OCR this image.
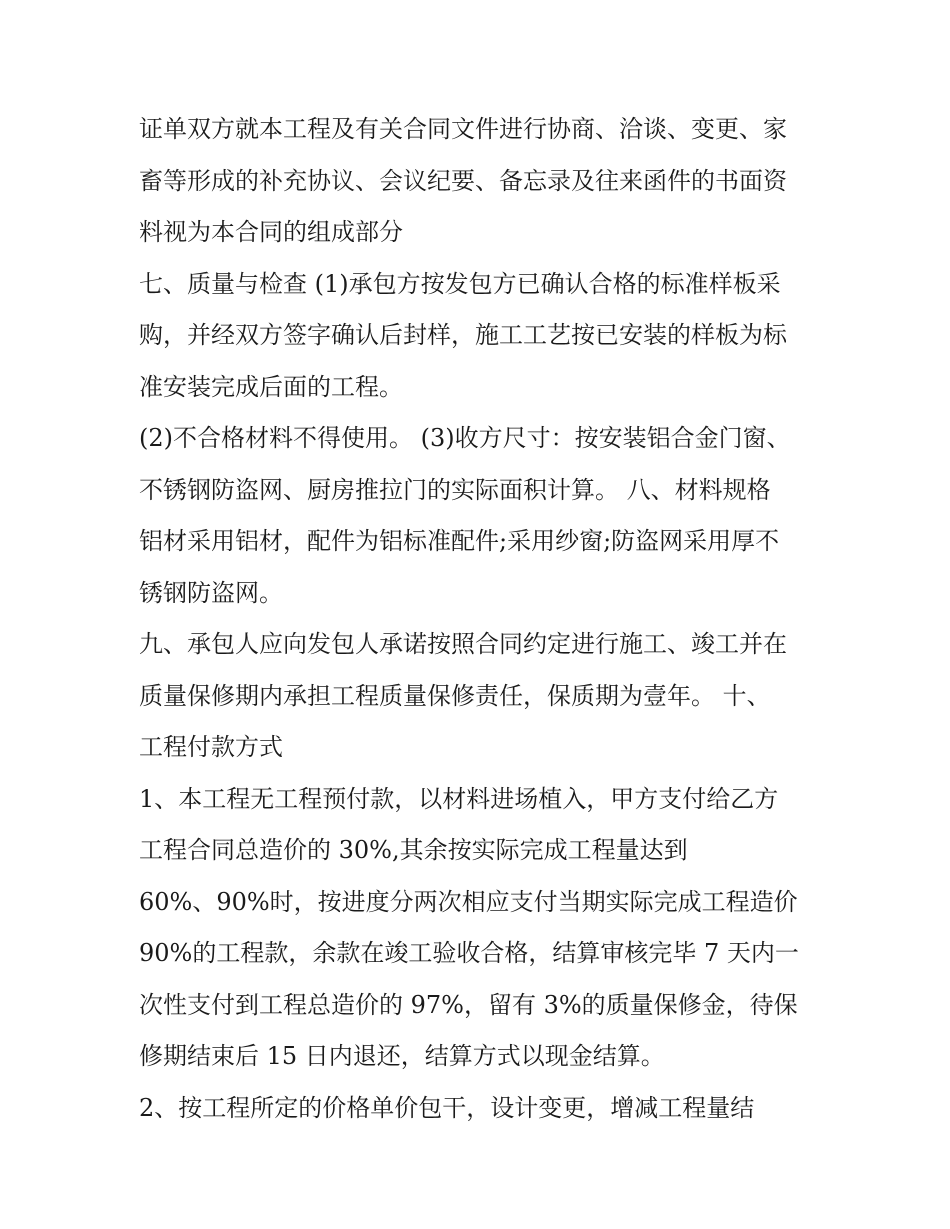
证单双方就本工程及有关合同文件进行协商、洽谈、变更、家
畜等形成的补充协议、会议纪要、备忘录及往来函件的书面资
料视为本合同的组成部分
七、质量与检查 (1)承包方按发包方已确认合格的标准样板采
购，并经双方签字确认后封样，施工工艺按已安装的样板为标
准安装完成后面的工程。
(2)不合格材料不得使用。 (3)收方尺寸：按安装铝合金门窗、
不锈钢防盗网、厨房推拉门的实际面积计算。 八、材料规格
铝材采用铝材，配件为铝标准配件;采用纱窗;防盗网采用厚不
锈钢防盗网。
九、承包人应向发包人承诺按照合同约定进行施工、竣工并在
质量保修期内承担工程质量保修责任，保质期为壹年。 十、
工程付款方式
1、本工程无工程预付款，以材料进场植入，甲方支付给乙方
工程合同总造价的 30%,其余按实际完成工程量达到
60%、90%时，按进度分两次相应支付当期实际完成工程造价
90%的工程款，余款在竣工验收合格，结算审核完毕 7 天内一
次性支付到工程总造价的 97%，留有 3%的质量保修金，待保
修期结束后 15 日内退还，结算方式以现金结算。
2、按工程所定的价格单价包干，设计变更，增减工程量结
